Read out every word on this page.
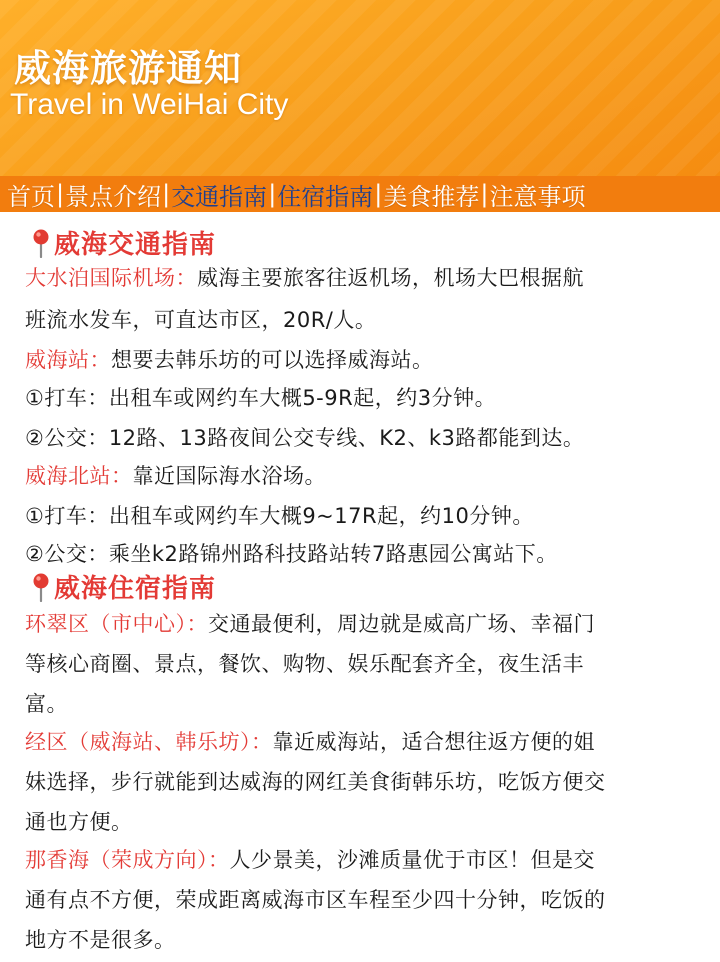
威海旅游通知
Travel in WeiHai City
首页 | 景点介绍 | 交通指南 | 住宿指南 | 美食推荐 | 注意事项
威海交通指南
大水泊国际机场：威海主要旅客往返机场，机场大巴根据航
班流水发车，可直达市区，20R/人。
威海站：想要去韩乐坊的可以选择威海站。
①打车：出租车或网约车大概5-9R起，约3分钟。
②公交：12路、13路夜间公交专线、K2、k3路都能到达。
威海北站：靠近国际海水浴场。
①打车：出租车或网约车大概9~17R起，约10分钟。
②公交：乘坐k2路锦州路科技路站转7路惠园公寓站下。
威海住宿指南
环翠区（市中心）：交通最便利，周边就是威高广场、幸福门
等核心商圈、景点，餐饮、购物、娱乐配套齐全，夜生活丰
富。
经区（威海站、韩乐坊）：靠近威海站，适合想往返方便的姐
妹选择，步行就能到达威海的网红美食街韩乐坊，吃饭方便交
通也方便。
那香海（荣成方向）：人少景美，沙滩质量优于市区！但是交
通有点不方便，荣成距离威海市区车程至少四十分钟，吃饭的
地方不是很多。
